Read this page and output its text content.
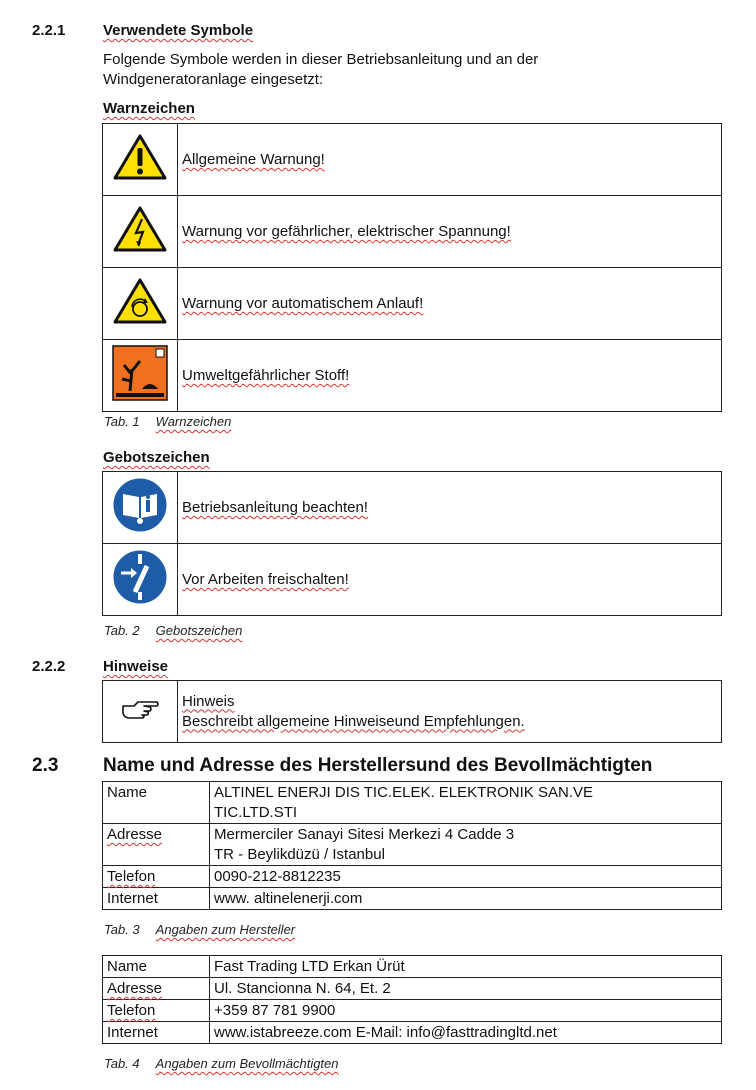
2.2.1	Verwendete Symbole
Folgende Symbole werden in dieser Betriebsanleitung und an der
Windgeneratoranlage eingesetzt:
Warnzeichen
	Allgemeine Warnung!
	Warnung vor gefährlicher, elektrischer Spannung!
	Warnung vor automatischem Anlauf!
	Umweltgefährlicher Stoff!
Tab. 1 Warnzeichen
Gebotszeichen
	Betriebsanleitung beachten!
	Vor Arbeiten freischalten!
Tab. 2 Gebotszeichen
2.2.2	Hinweise
	Hinweis
Beschreibt allgemeine Hinweiseund Empfehlungen.
2.3 Name und Adresse des Herstellersund des Bevollmächtigten
Name	ALTINEL ENERJI DIS TIC.ELEK. ELEKTRONIK SAN.VE
TIC.LTD.STI

Adresse	Mermerciler Sanayi Sitesi Merkezi 4 Cadde 3
TR - Beylikdüzü / Istanbul

Telefon	0090-212-8812235
Internet	www. altinelenerji.com
Tab. 3 Angaben zum Hersteller
Name	Fast Trading LTD Erkan Ürüt
Adresse	Ul. Stancionna N. 64, Et. 2
Telefon	+359 87 781 9900
Internet	www.istabreeze.com E-Mail: info@fasttradingltd.net
Tab. 4 Angaben zum Bevollmächtigten
